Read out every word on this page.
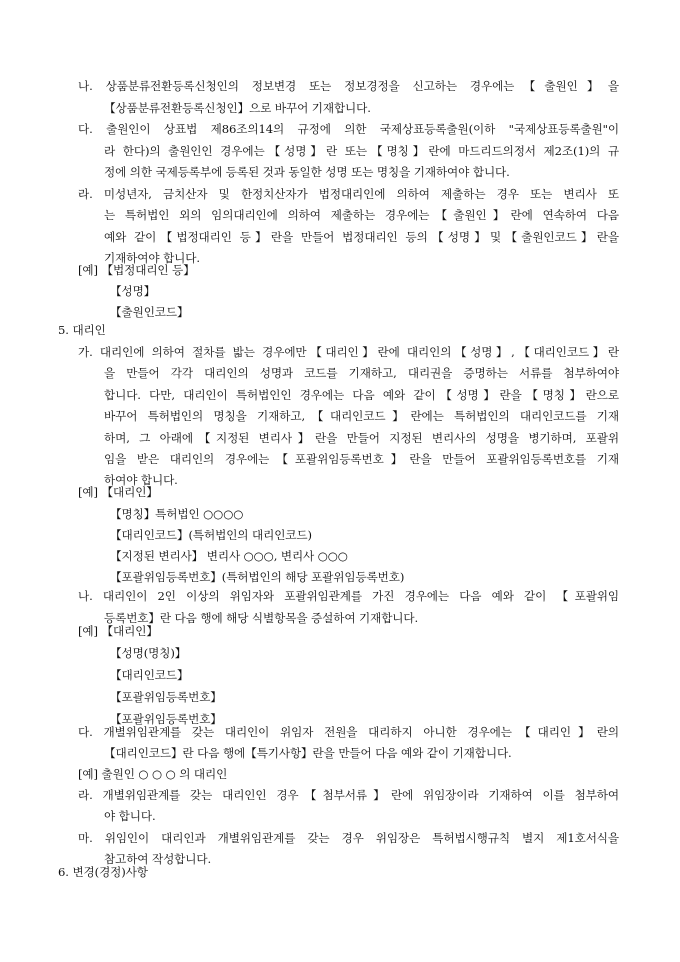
나. 상품분류전환등록신청인의 정보변경 또는 정보경정을 신고하는 경우에는【출원인】을
【상품분류전환등록신청인】으로 바꾸어 기재합니다.
다. 출원인이 상표법 제86조의14의 규정에 의한 국제상표등록출원(이하 "국제상표등록출원"이
라 한다)의 출원인인 경우에는【성명】란 또는【명칭】란에 마드리드의정서 제2조(1)의 규
정에 의한 국제등록부에 등록된 것과 동일한 성명 또는 명칭을 기재하여야 합니다.
라. 미성년자, 금치산자 및 한정치산자가 법정대리인에 의하여 제출하는 경우 또는 변리사 또
는 특허법인 외의 임의대리인에 의하여 제출하는 경우에는【출원인】란에 연속하여 다음
예와 같이【법정대리인 등】란을 만들어 법정대리인 등의【성명】및【출원인코드】란을
기재하여야 합니다.
[예] 【법정대리인 등】
【성명】
【출원인코드】
5. 대리인
가. 대리인에 의하여 절차를 밟는 경우에만【대리인】란에 대리인의【성명】,【대리인코드】란
을 만들어 각각 대리인의 성명과 코드를 기재하고, 대리권을 증명하는 서류를 첨부하여야
합니다. 다만, 대리인이 특허법인인 경우에는 다음 예와 같이【성명】란을【명칭】란으로
바꾸어 특허법인의 명칭을 기재하고,【대리인코드】란에는 특허법인의 대리인코드를 기재
하며, 그 아래에【지정된 변리사】란을 만들어 지정된 변리사의 성명을 병기하며, 포괄위
임을 받은 대리인의 경우에는【포괄위임등록번호】란을 만들어 포괄위임등록번호를 기재
하여야 합니다.
[예] 【대리인】
【명칭】특허법인 ○○○○
【대리인코드】(특허법인의 대리인코드)
【지정된 변리사】 변리사 ○○○, 변리사 ○○○
【포괄위임등록번호】(특허법인의 해당 포괄위임등록번호)
나. 대리인이 2인 이상의 위임자와 포괄위임관계를 가진 경우에는 다음 예와 같이 【포괄위임
등록번호】란 다음 행에 해당 식별항목을 증설하여 기재합니다.
[예] 【대리인】
【성명(명칭)】
【대리인코드】
【포괄위임등록번호】
【포괄위임등록번호】
다. 개별위임관계를 갖는 대리인이 위임자 전원을 대리하지 아니한 경우에는【대리인】란의
【대리인코드】란 다음 행에【특기사항】란을 만들어 다음 예와 같이 기재합니다.
[예] 출원인 ○ ○ ○ 의 대리인
라. 개별위임관계를 갖는 대리인인 경우【첨부서류】란에 위임장이라 기재하여 이를 첨부하여
야 합니다.
마. 위임인이 대리인과 개별위임관계를 갖는 경우 위임장은 특허법시행규칙 별지 제1호서식을
참고하여 작성합니다.
6. 변경(경정)사항
